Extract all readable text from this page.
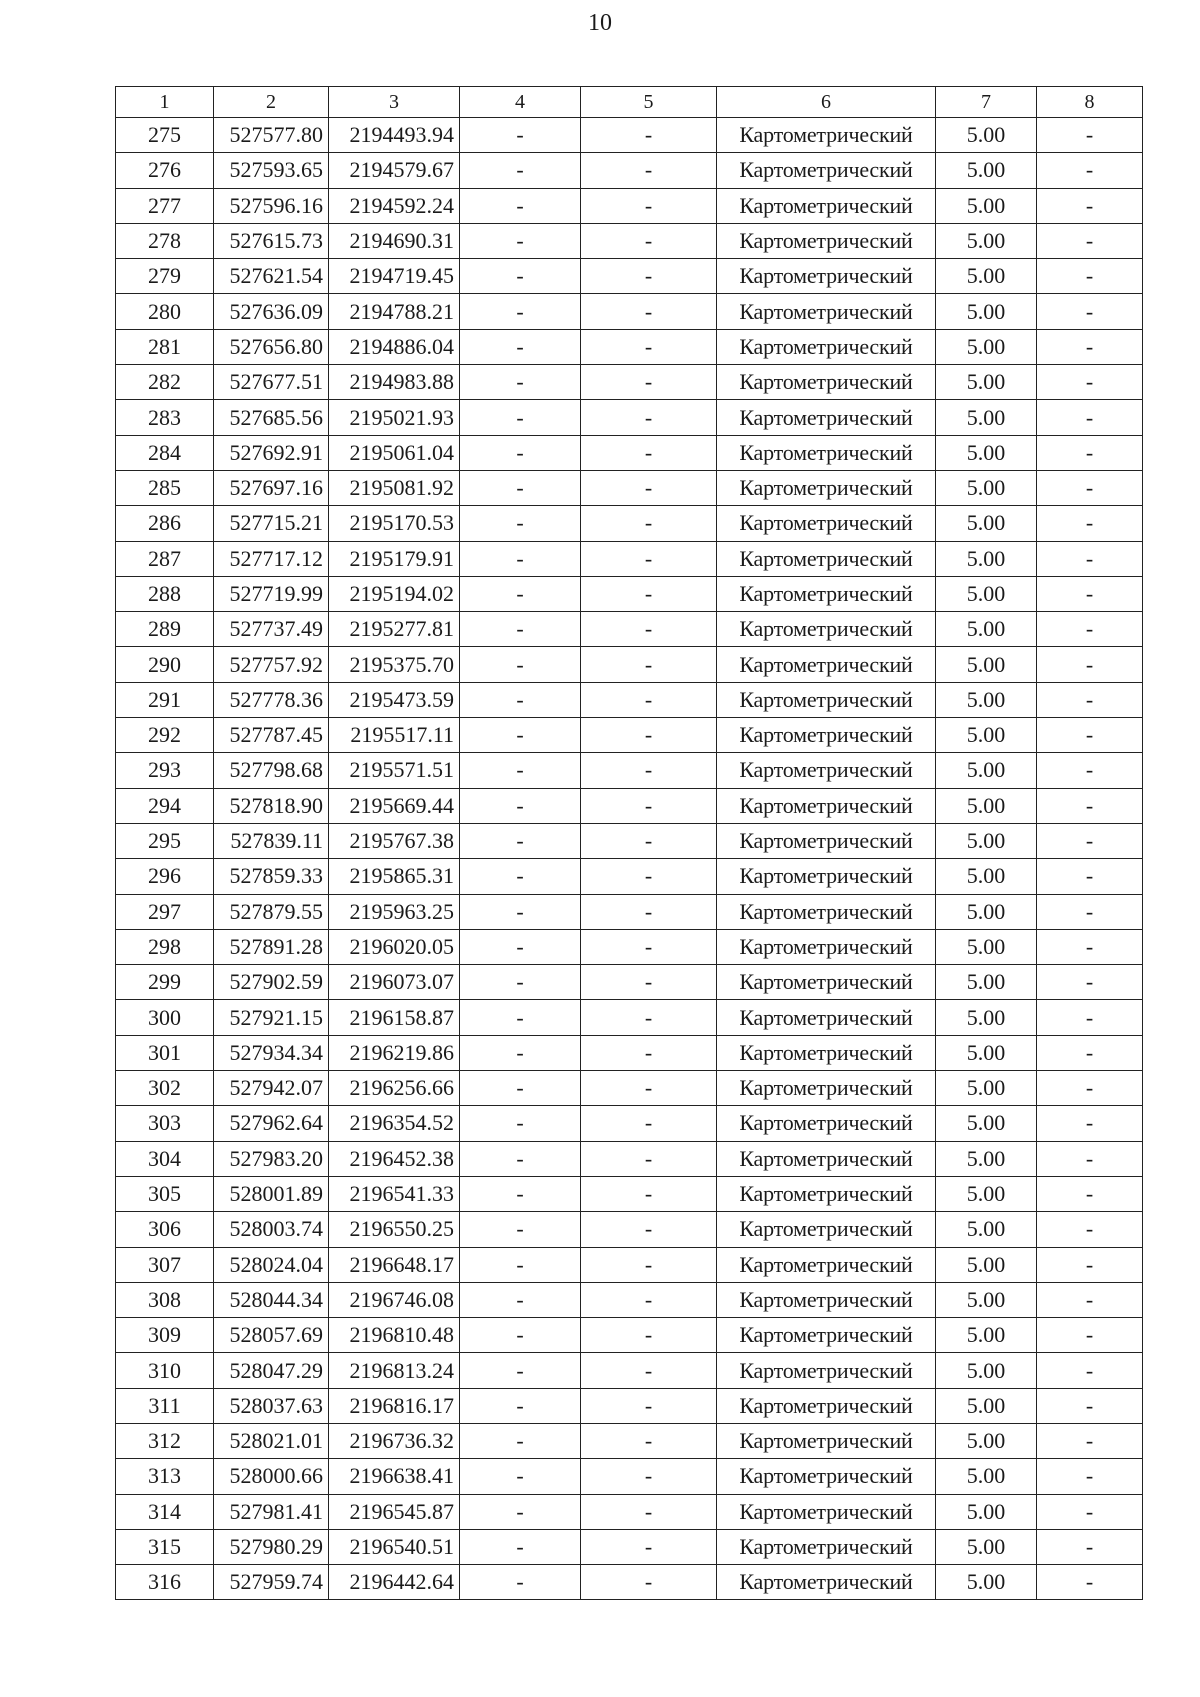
10
1	2	3	4	5	6	7	8
275	527577.80	2194493.94	-	-	Картометрический	5.00	-
276	527593.65	2194579.67	-	-	Картометрический	5.00	-
277	527596.16	2194592.24	-	-	Картометрический	5.00	-
278	527615.73	2194690.31	-	-	Картометрический	5.00	-
279	527621.54	2194719.45	-	-	Картометрический	5.00	-
280	527636.09	2194788.21	-	-	Картометрический	5.00	-
281	527656.80	2194886.04	-	-	Картометрический	5.00	-
282	527677.51	2194983.88	-	-	Картометрический	5.00	-
283	527685.56	2195021.93	-	-	Картометрический	5.00	-
284	527692.91	2195061.04	-	-	Картометрический	5.00	-
285	527697.16	2195081.92	-	-	Картометрический	5.00	-
286	527715.21	2195170.53	-	-	Картометрический	5.00	-
287	527717.12	2195179.91	-	-	Картометрический	5.00	-
288	527719.99	2195194.02	-	-	Картометрический	5.00	-
289	527737.49	2195277.81	-	-	Картометрический	5.00	-
290	527757.92	2195375.70	-	-	Картометрический	5.00	-
291	527778.36	2195473.59	-	-	Картометрический	5.00	-
292	527787.45	2195517.11	-	-	Картометрический	5.00	-
293	527798.68	2195571.51	-	-	Картометрический	5.00	-
294	527818.90	2195669.44	-	-	Картометрический	5.00	-
295	527839.11	2195767.38	-	-	Картометрический	5.00	-
296	527859.33	2195865.31	-	-	Картометрический	5.00	-
297	527879.55	2195963.25	-	-	Картометрический	5.00	-
298	527891.28	2196020.05	-	-	Картометрический	5.00	-
299	527902.59	2196073.07	-	-	Картометрический	5.00	-
300	527921.15	2196158.87	-	-	Картометрический	5.00	-
301	527934.34	2196219.86	-	-	Картометрический	5.00	-
302	527942.07	2196256.66	-	-	Картометрический	5.00	-
303	527962.64	2196354.52	-	-	Картометрический	5.00	-
304	527983.20	2196452.38	-	-	Картометрический	5.00	-
305	528001.89	2196541.33	-	-	Картометрический	5.00	-
306	528003.74	2196550.25	-	-	Картометрический	5.00	-
307	528024.04	2196648.17	-	-	Картометрический	5.00	-
308	528044.34	2196746.08	-	-	Картометрический	5.00	-
309	528057.69	2196810.48	-	-	Картометрический	5.00	-
310	528047.29	2196813.24	-	-	Картометрический	5.00	-
311	528037.63	2196816.17	-	-	Картометрический	5.00	-
312	528021.01	2196736.32	-	-	Картометрический	5.00	-
313	528000.66	2196638.41	-	-	Картометрический	5.00	-
314	527981.41	2196545.87	-	-	Картометрический	5.00	-
315	527980.29	2196540.51	-	-	Картометрический	5.00	-
316	527959.74	2196442.64	-	-	Картометрический	5.00	-
